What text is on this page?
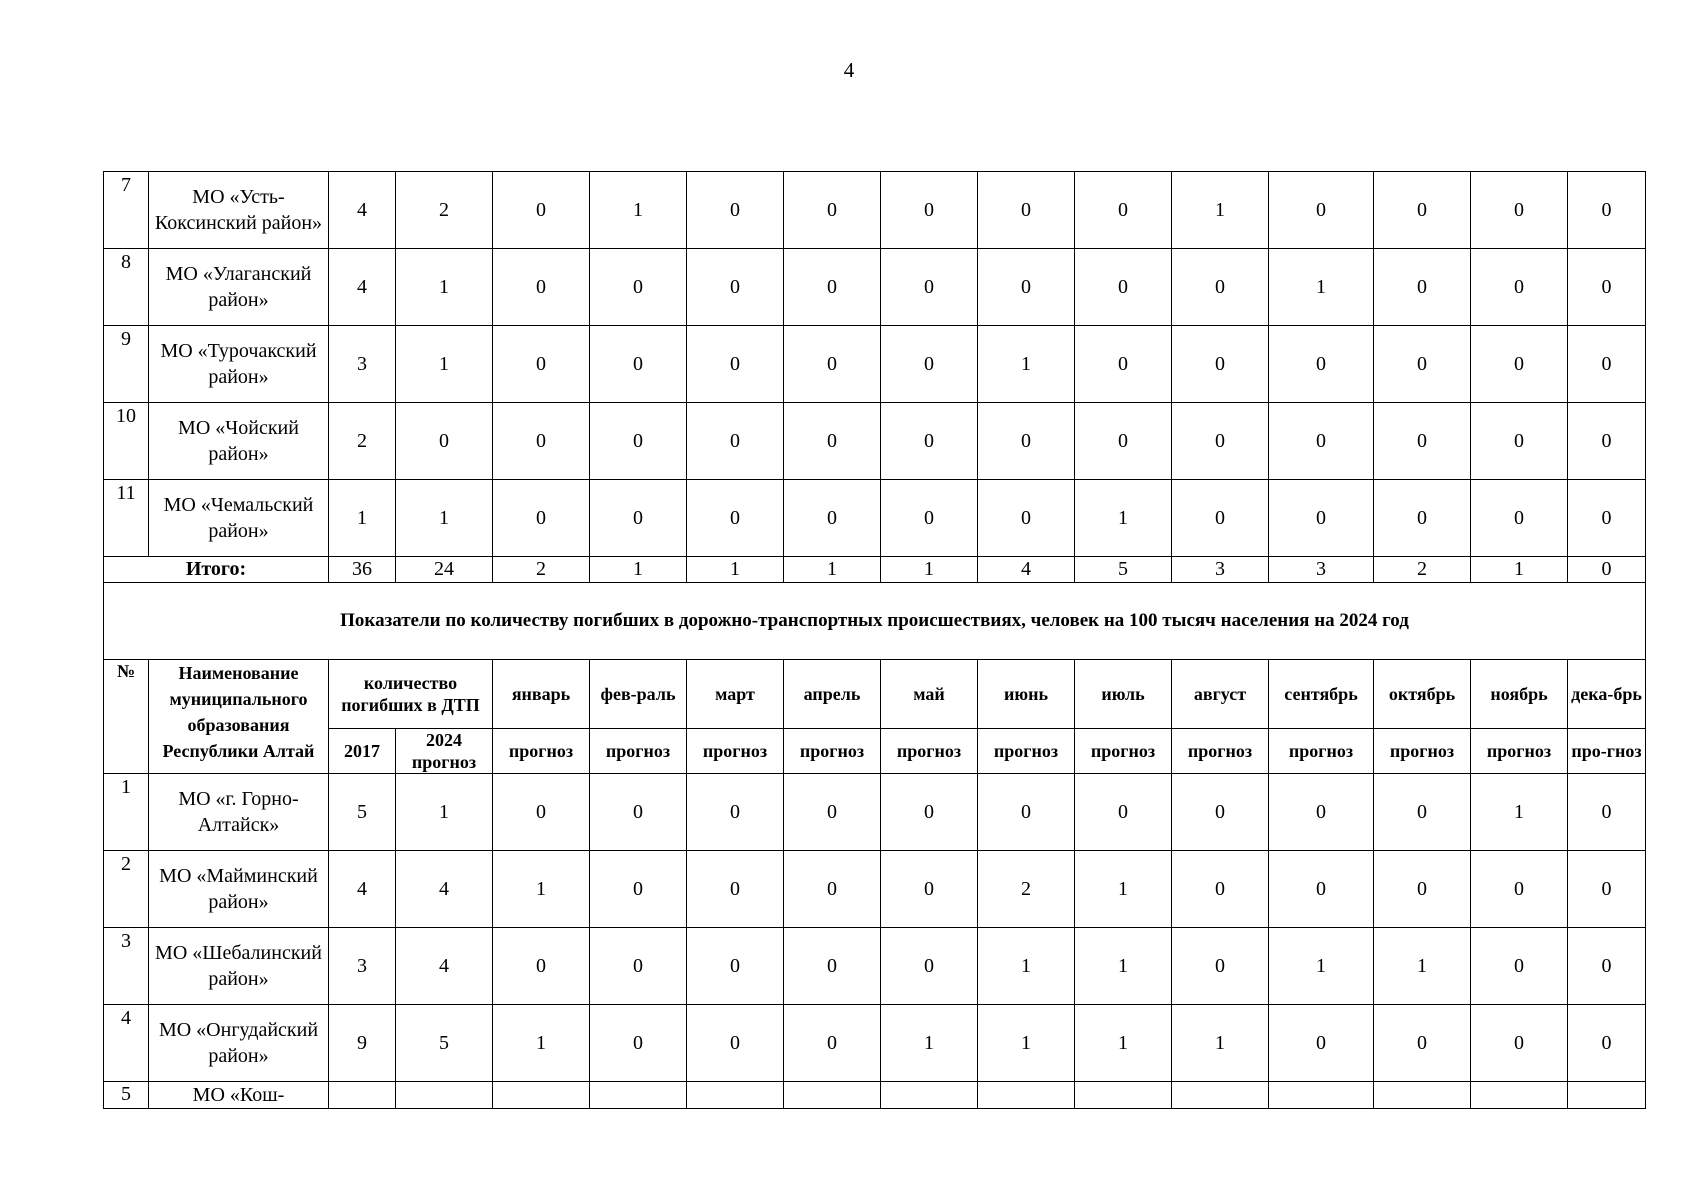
4
7	МО «Усть-Коксинский район»	4	2	0	1	0	0	0	0	0	1	0	0	0	0
8	МО «Улаганский район»	4	1	0	0	0	0	0	0	0	0	1	0	0	0
9	МО «Турочакский район»	3	1	0	0	0	0	0	1	0	0	0	0	0	0
10	МО «Чойский район»	2	0	0	0	0	0	0	0	0	0	0	0	0	0
11	МО «Чемальский район»	1	1	0	0	0	0	0	0	1	0	0	0	0	0
Итого:		36	24	2	1	1	1	1	4	5	3	3	2	1	0
Показатели по количеству погибших в дорожно-транспортных происшествиях, человек на 100 тысяч населения на 2024 год															
№	Наименование муниципального образования Республики Алтай	количество погибших в ДТП		январь	фев-раль	март	апрель	май	июнь	июль	август	сентябрь	октябрь	ноябрь	дека-брь
		2017	2024 прогноз	прогноз	прогноз	прогноз	прогноз	прогноз	прогноз	прогноз	прогноз	прогноз	прогноз	прогноз	про-гноз
1	МО «г. Горно-Алтайск»	5	1	0	0	0	0	0	0	0	0	0	0	1	0
2	МО «Майминский район»	4	4	1	0	0	0	0	2	1	0	0	0	0	0
3	МО «Шебалинский район»	3	4	0	0	0	0	0	1	1	0	1	1	0	0
4	МО «Онгудайский район»	9	5	1	0	0	0	1	1	1	1	0	0	0	0
5	МО «Кош-														
